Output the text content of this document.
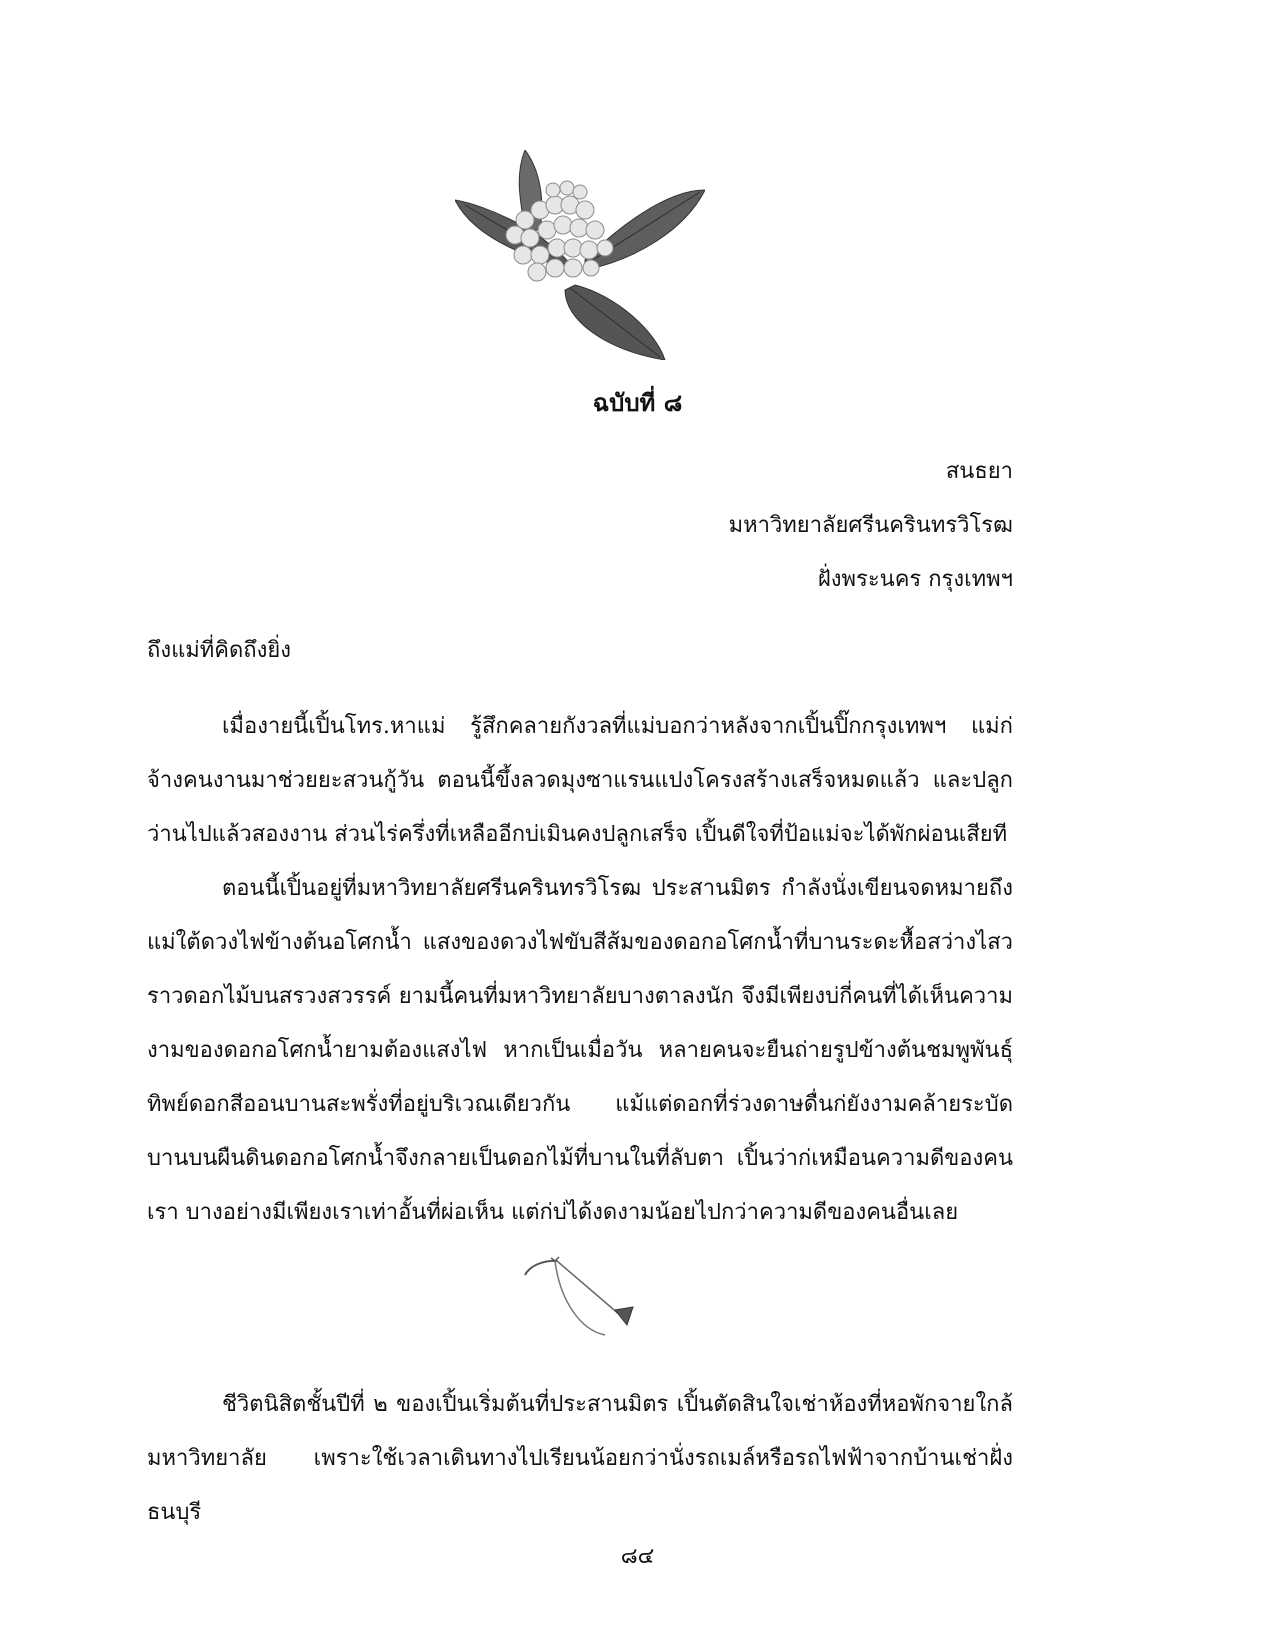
ฉบับที่ ๘
สนธยา
มหาวิทยาลัยศรีนครินทรวิโรฒ
ฝั่งพระนคร กรุงเทพฯ
ถึงแม่ที่คิดถึงยิ่ง

เมื่องายนี้เปิ้นโทร.หาแม่ รู้สึกคลายกังวลที่แม่บอกว่าหลังจากเปิ้นปิ๊กกรุงเทพฯ แม่ก่จ้างคนงานมาช่วยยะสวนกู้วัน ตอนนี้ขึ้งลวดมุงซาแรนแปงโครงสร้างเสร็จหมดแล้ว และปลูกว่านไปแล้วสองงาน ส่วนไร่ครึ่งที่เหลืออีกบ่เมินคงปลูกเสร็จ เปิ้นดีใจที่ป้อแม่จะได้พักผ่อนเสียที

ตอนนี้เปิ้นอยู่ที่มหาวิทยาลัยศรีนครินทรวิโรฒ ประสานมิตร กำลังนั่งเขียนจดหมายถึงแม่ใต้ดวงไฟข้างต้นอโศกน้ำ แสงของดวงไฟขับสีส้มของดอกอโศกน้ำที่บานระดะหื้อสว่างไสวราวดอกไม้บนสรวงสวรรค์ ยามนี้คนที่มหาวิทยาลัยบางตาลงนัก จึงมีเพียงบ่กี่คนที่ได้เห็นความงามของดอกอโศกน้ำยามต้องแสงไฟ หากเป็นเมื่อวัน หลายคนจะยืนถ่ายรูปข้างต้นชมพูพันธุ์ทิพย์ดอกสีออนบานสะพรั่งที่อยู่บริเวณเดียวกัน แม้แต่ดอกที่ร่วงดาษดื่นก่ยังงามคล้ายระบัดบานบนผืนดินดอกอโศกน้ำจึงกลายเป็นดอกไม้ที่บานในที่ลับตา เปิ้นว่าก่เหมือนความดีของคนเรา บางอย่างมีเพียงเราเท่าอั้นที่ผ่อเห็น แต่ก่บ่ได้งดงามน้อยไปกว่าความดีของคนอื่นเลย

ชีวิตนิสิตชั้นปีที่ ๒ ของเปิ้นเริ่มต้นที่ประสานมิตร เปิ้นตัดสินใจเช่าห้องที่หอพักจายใกล้มหาวิทยาลัย เพราะใช้เวลาเดินทางไปเรียนน้อยกว่านั่งรถเมล์หรือรถไฟฟ้าจากบ้านเช่าฝั่งธนบุรี

๘๔
